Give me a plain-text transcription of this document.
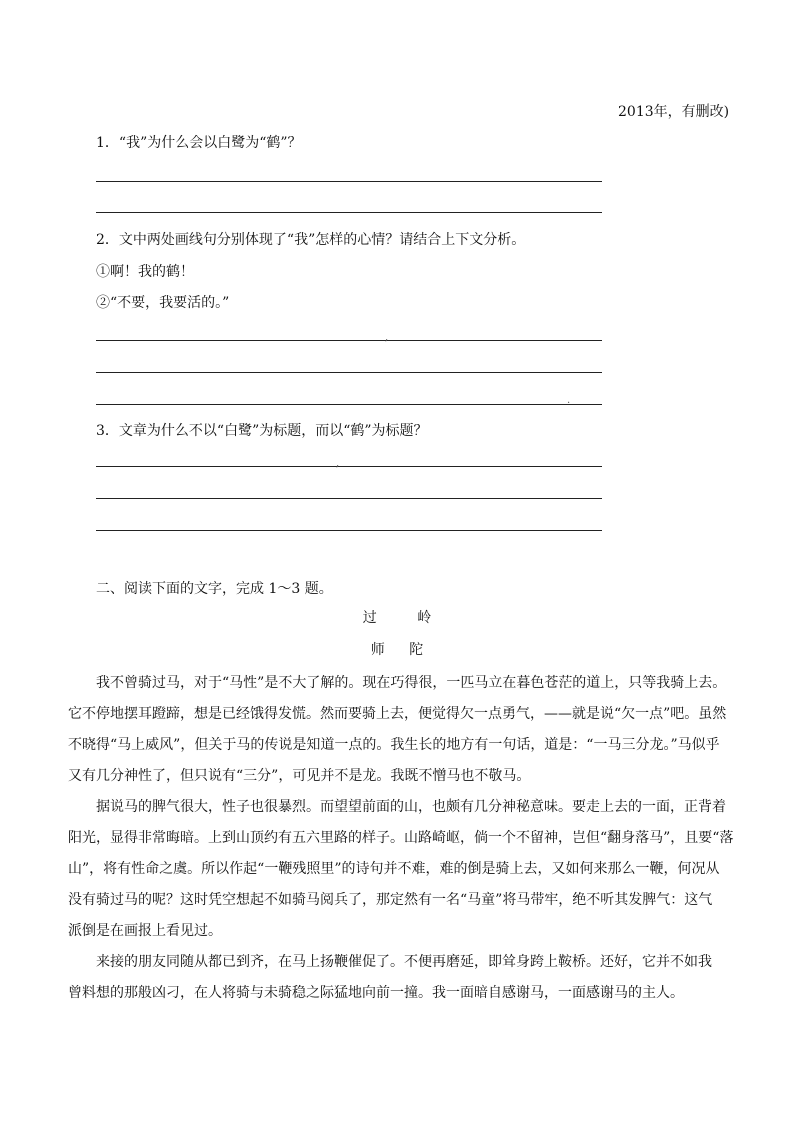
2013年，有删改)
1．“我”为什么会以白鹭为“鹤”？
2．文中两处画线句分别体现了“我”怎样的心情？请结合上下文分析。
①啊！我的鹤！
②“不要，我要活的。”
,
.
3．文章为什么不以“白鹭”为标题，而以“鹤”为标题？
,
二、阅读下面的文字，完成 1～3 题。
过 岭
师 陀
我不曾骑过马，对于“马性”是不大了解的。现在巧得很，一匹马立在暮色苍茫的道上，只等我骑上去。
它不停地摆耳蹬蹄，想是已经饿得发慌。然而要骑上去，便觉得欠一点勇气，——就是说“欠一点”吧。虽然
不晓得“马上威风”，但关于马的传说是知道一点的。我生长的地方有一句话，道是：“一马三分龙。”马似乎
又有几分神性了，但只说有“三分”，可见并不是龙。我既不憎马也不敬马。
据说马的脾气很大，性子也很暴烈。而望望前面的山，也颇有几分神秘意味。要走上去的一面，正背着
阳光，显得非常晦暗。上到山顶约有五六里路的样子。山路崎岖，倘一个不留神，岂但“翻身落马”，且要“落
山”，将有性命之虞。所以作起“一鞭残照里”的诗句并不难，难的倒是骑上去，又如何来那么一鞭，何况从
没有骑过马的呢？这时凭空想起不如骑马阅兵了，那定然有一名“马童”将马带牢，绝不听其发脾气：这气
派倒是在画报上看见过。
来接的朋友同随从都已到齐，在马上扬鞭催促了。不便再磨延，即耸身跨上鞍桥。还好，它并不如我
曾料想的那般凶刁，在人将骑与未骑稳之际猛地向前一撞。我一面暗自感谢马，一面感谢马的主人。
